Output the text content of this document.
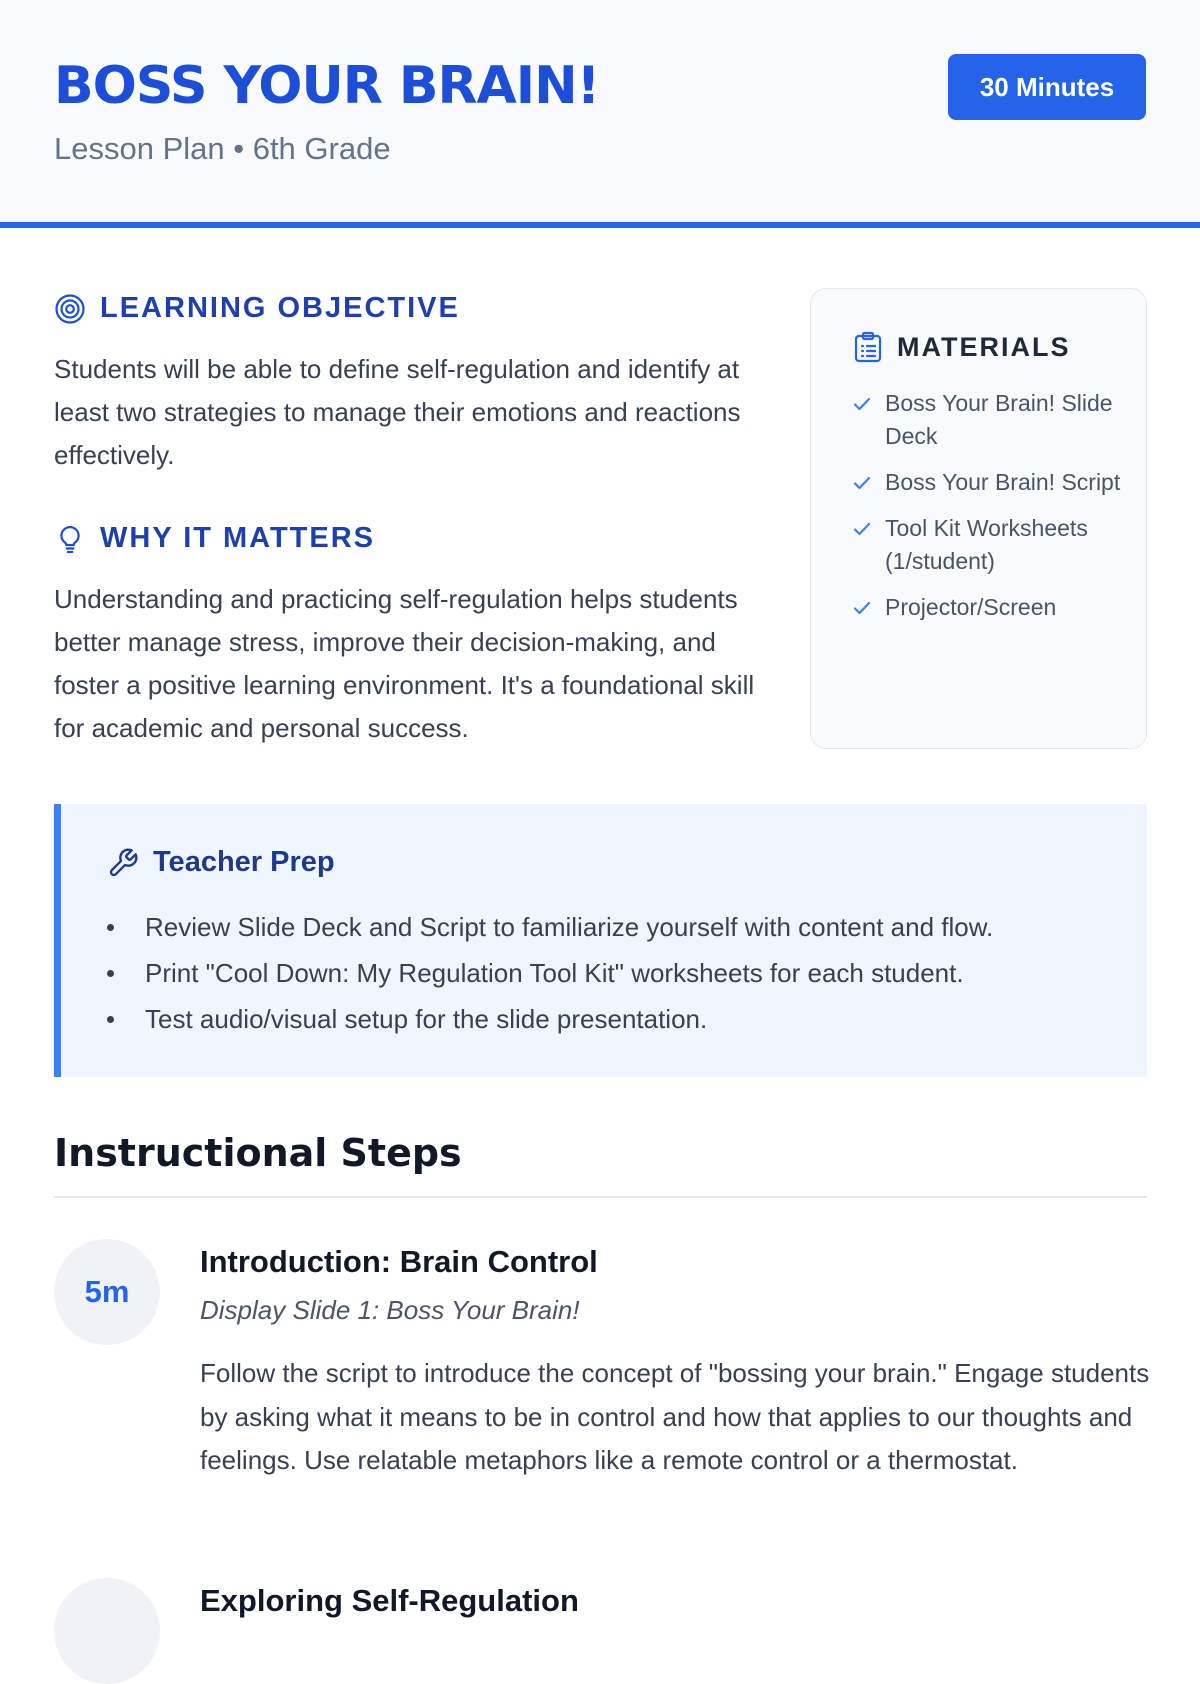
BOSS YOUR BRAIN!
Lesson Plan • 6th Grade
30 Minutes
LEARNING OBJECTIVE
Students will be able to define self-regulation and identify at least two strategies to manage their emotions and reactions effectively.
WHY IT MATTERS
Understanding and practicing self-regulation helps students better manage stress, improve their decision-making, and foster a positive learning environment. It's a foundational skill for academic and personal success.
MATERIALS
Boss Your Brain! Slide Deck
Boss Your Brain! Script
Tool Kit Worksheets (1/student)
Projector/Screen
Teacher Prep
Review Slide Deck and Script to familiarize yourself with content and flow.
Print "Cool Down: My Regulation Tool Kit" worksheets for each student.
Test audio/visual setup for the slide presentation.
Instructional Steps
5m
Introduction: Brain Control
Display Slide 1: Boss Your Brain!
Follow the script to introduce the concept of "bossing your brain." Engage students by asking what it means to be in control and how that applies to our thoughts and feelings. Use relatable metaphors like a remote control or a thermostat.
Exploring Self-Regulation
